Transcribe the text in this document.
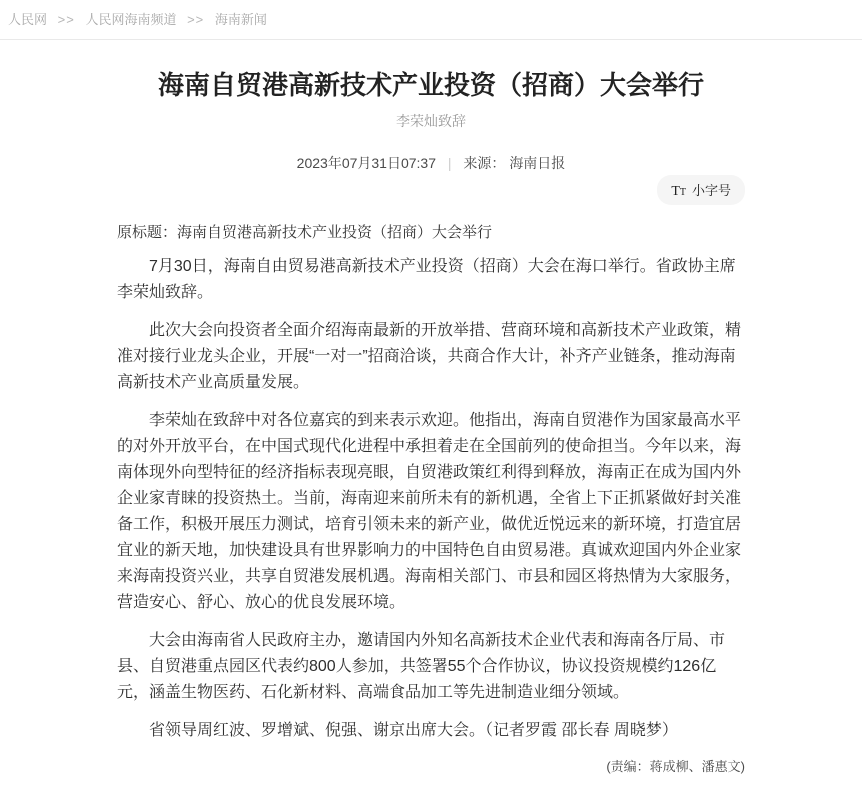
人民网 >> 人民网海南频道 >> 海南新闻
海南自贸港高新技术产业投资（招商）大会举行
李荣灿致辞
2023年07月31日07:37 | 来源： 海南日报
TT 小字号
原标题：海南自贸港高新技术产业投资（招商）大会举行

7月30日，海南自由贸易港高新技术产业投资（招商）大会在海口举行。省政协主席李荣灿致辞。

此次大会向投资者全面介绍海南最新的开放举措、营商环境和高新技术产业政策，精准对接行业龙头企业，开展“一对一”招商洽谈，共商合作大计，补齐产业链条，推动海南高新技术产业高质量发展。

李荣灿在致辞中对各位嘉宾的到来表示欢迎。他指出，海南自贸港作为国家最高水平的对外开放平台，在中国式现代化进程中承担着走在全国前列的使命担当。今年以来，海南体现外向型特征的经济指标表现亮眼，自贸港政策红利得到释放，海南正在成为国内外企业家青睐的投资热土。当前，海南迎来前所未有的新机遇，全省上下正抓紧做好封关准备工作，积极开展压力测试，培育引领未来的新产业，做优近悦远来的新环境，打造宜居宜业的新天地，加快建设具有世界影响力的中国特色自由贸易港。真诚欢迎国内外企业家来海南投资兴业，共享自贸港发展机遇。海南相关部门、市县和园区将热情为大家服务，营造安心、舒心、放心的优良发展环境。

大会由海南省人民政府主办，邀请国内外知名高新技术企业代表和海南各厅局、市县、自贸港重点园区代表约800人参加，共签署55个合作协议，协议投资规模约126亿元，涵盖生物医药、石化新材料、高端食品加工等先进制造业细分领域。

省领导周红波、罗增斌、倪强、谢京出席大会。（记者罗霞 邵长春 周晓梦）

(责编：蒋成柳、潘惠文)
